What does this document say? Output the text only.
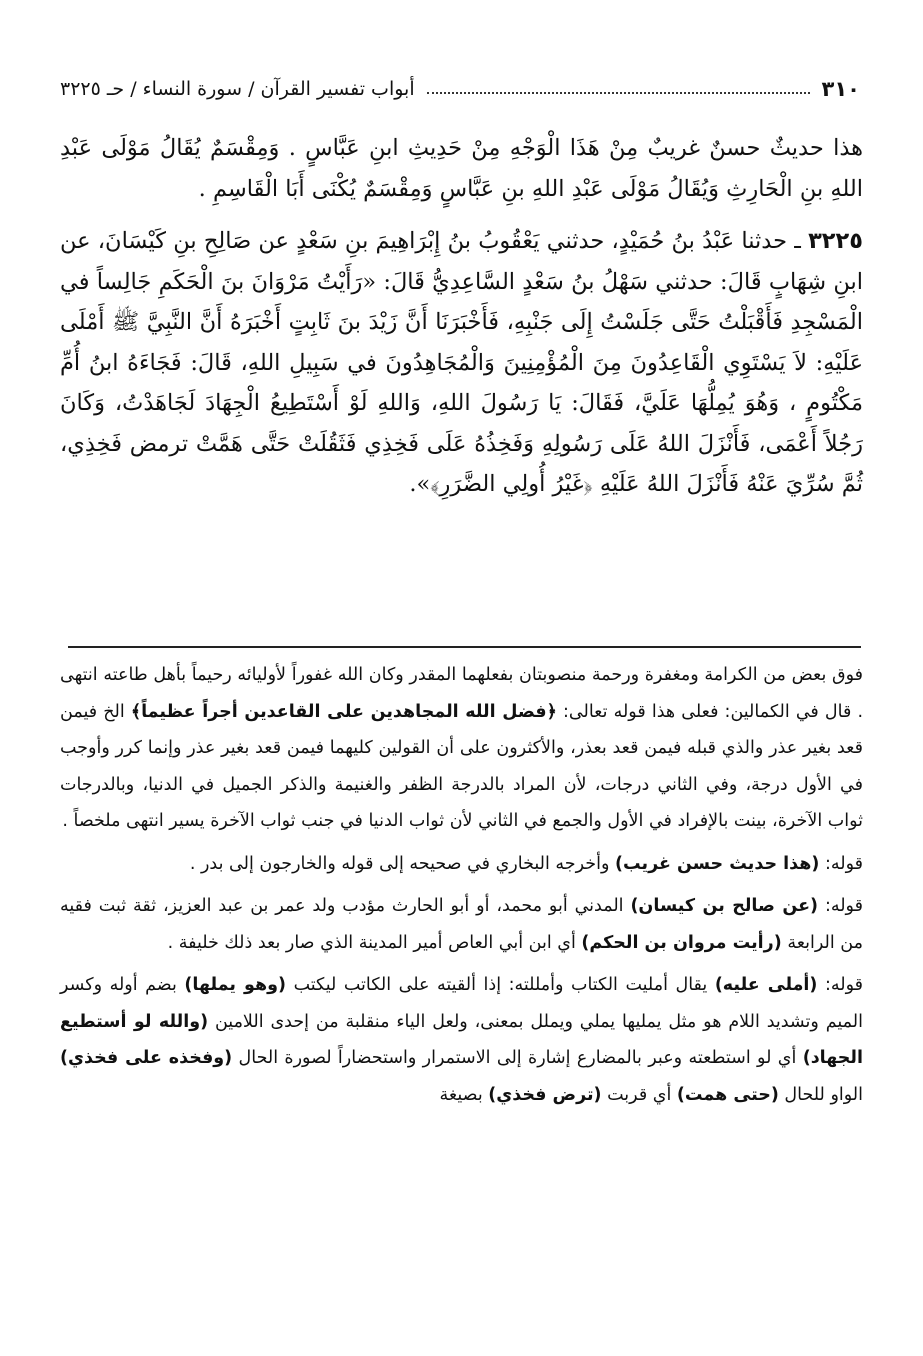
٣١٠
أبواب تفسير القرآن / سورة النساء / حـ ٣٢٢٥

هذا حديثٌ حسنٌ غريبٌ مِنْ هَذَا الْوَجْهِ مِنْ حَدِيثِ ابنِ عَبَّاسٍ . وَمِقْسَمٌ يُقَالُ مَوْلَى عَبْدِ اللهِ بنِ الْحَارِثِ وَيُقَالُ مَوْلَى عَبْدِ اللهِ بنِ عَبَّاسٍ وَمِقْسَمٌ يُكْنَى أَبَا الْقَاسِمِ .

٣٢٢٥ ـ حدثنا عَبْدُ بنُ حُمَيْدٍ، حدثني يَعْقُوبُ بنُ إِبْرَاهِيمَ بنِ سَعْدٍ عن صَالِحِ بنِ كَيْسَانَ، عن ابنِ شِهَابٍ قَالَ: حدثني سَهْلُ بنُ سَعْدٍ السَّاعِدِيُّ قَالَ: «رَأَيْتُ مَرْوَانَ بنَ الْحَكَمِ جَالِساً في الْمَسْجِدِ فَأَقْبَلْتُ حَتَّى جَلَسْتُ إِلَى جَنْبِهِ، فَأَخْبَرَنَا أَنَّ زَيْدَ بنَ ثَابِتٍ أَخْبَرَهُ أَنَّ النَّبِيَّ ﷺ أَمْلَى عَلَيْهِ: لاَ يَسْتَوِي الْقَاعِدُونَ مِنَ الْمُؤْمِنِينَ وَالْمُجَاهِدُونَ في سَبِيلِ اللهِ، قَالَ: فَجَاءَهُ ابنُ أُمِّ مَكْتُومٍ ، وَهُوَ يُمِلُّهَا عَلَيَّ، فَقَالَ: يَا رَسُولَ اللهِ، وَاللهِ لَوْ أَسْتَطِيعُ الْجِهَادَ لَجَاهَدْتُ، وَكَانَ رَجُلاً أَعْمَى، فَأَنْزَلَ اللهُ عَلَى رَسُولِهِ وَفَخِذُهُ عَلَى فَخِذِي فَثَقُلَتْ حَتَّى هَمَّتْ ترمض فَخِذِي، ثُمَّ سُرِّيَ عَنْهُ فَأَنْزَلَ اللهُ عَلَيْهِ ﴿غَيْرُ أُولِي الضَّرَرِ﴾».

فوق بعض من الكرامة ومغفرة ورحمة منصوبتان بفعلهما المقدر وكان الله غفوراً لأوليائه رحيماً بأهل طاعته انتهى . قال في الكمالين: فعلى هذا قوله تعالى: ﴿فضل الله المجاهدين على القاعدين أجراً عظيماً﴾ الخ فيمن قعد بغير عذر والذي قبله فيمن قعد بعذر، والأكثرون على أن القولين كليهما فيمن قعد بغير عذر وإنما كرر وأوجب في الأول درجة، وفي الثاني درجات، لأن المراد بالدرجة الظفر والغنيمة والذكر الجميل في الدنيا، وبالدرجات ثواب الآخرة، بينت بالإفراد في الأول والجمع في الثاني لأن ثواب الدنيا في جنب ثواب الآخرة يسير انتهى ملخصاً .

قوله: (هذا حديث حسن غريب) وأخرجه البخاري في صحيحه إلى قوله والخارجون إلى بدر .

قوله: (عن صالح بن كيسان) المدني أبو محمد، أو أبو الحارث مؤدب ولد عمر بن عبد العزيز، ثقة ثبت فقيه من الرابعة (رأيت مروان بن الحكم) أي ابن أبي العاص أمير المدينة الذي صار بعد ذلك خليفة .

قوله: (أملى عليه) يقال أمليت الكتاب وأمللته: إذا ألقيته على الكاتب ليكتب (وهو يملها) بضم أوله وكسر الميم وتشديد اللام هو مثل يمليها يملي ويملل بمعنى، ولعل الياء منقلبة من إحدى اللامين (والله لو أستطيع الجهاد) أي لو استطعته وعبر بالمضارع إشارة إلى الاستمرار واستحضاراً لصورة الحال (وفخذه على فخذي) الواو للحال (حتى همت) أي قربت (ترض فخذي) بصيغة
